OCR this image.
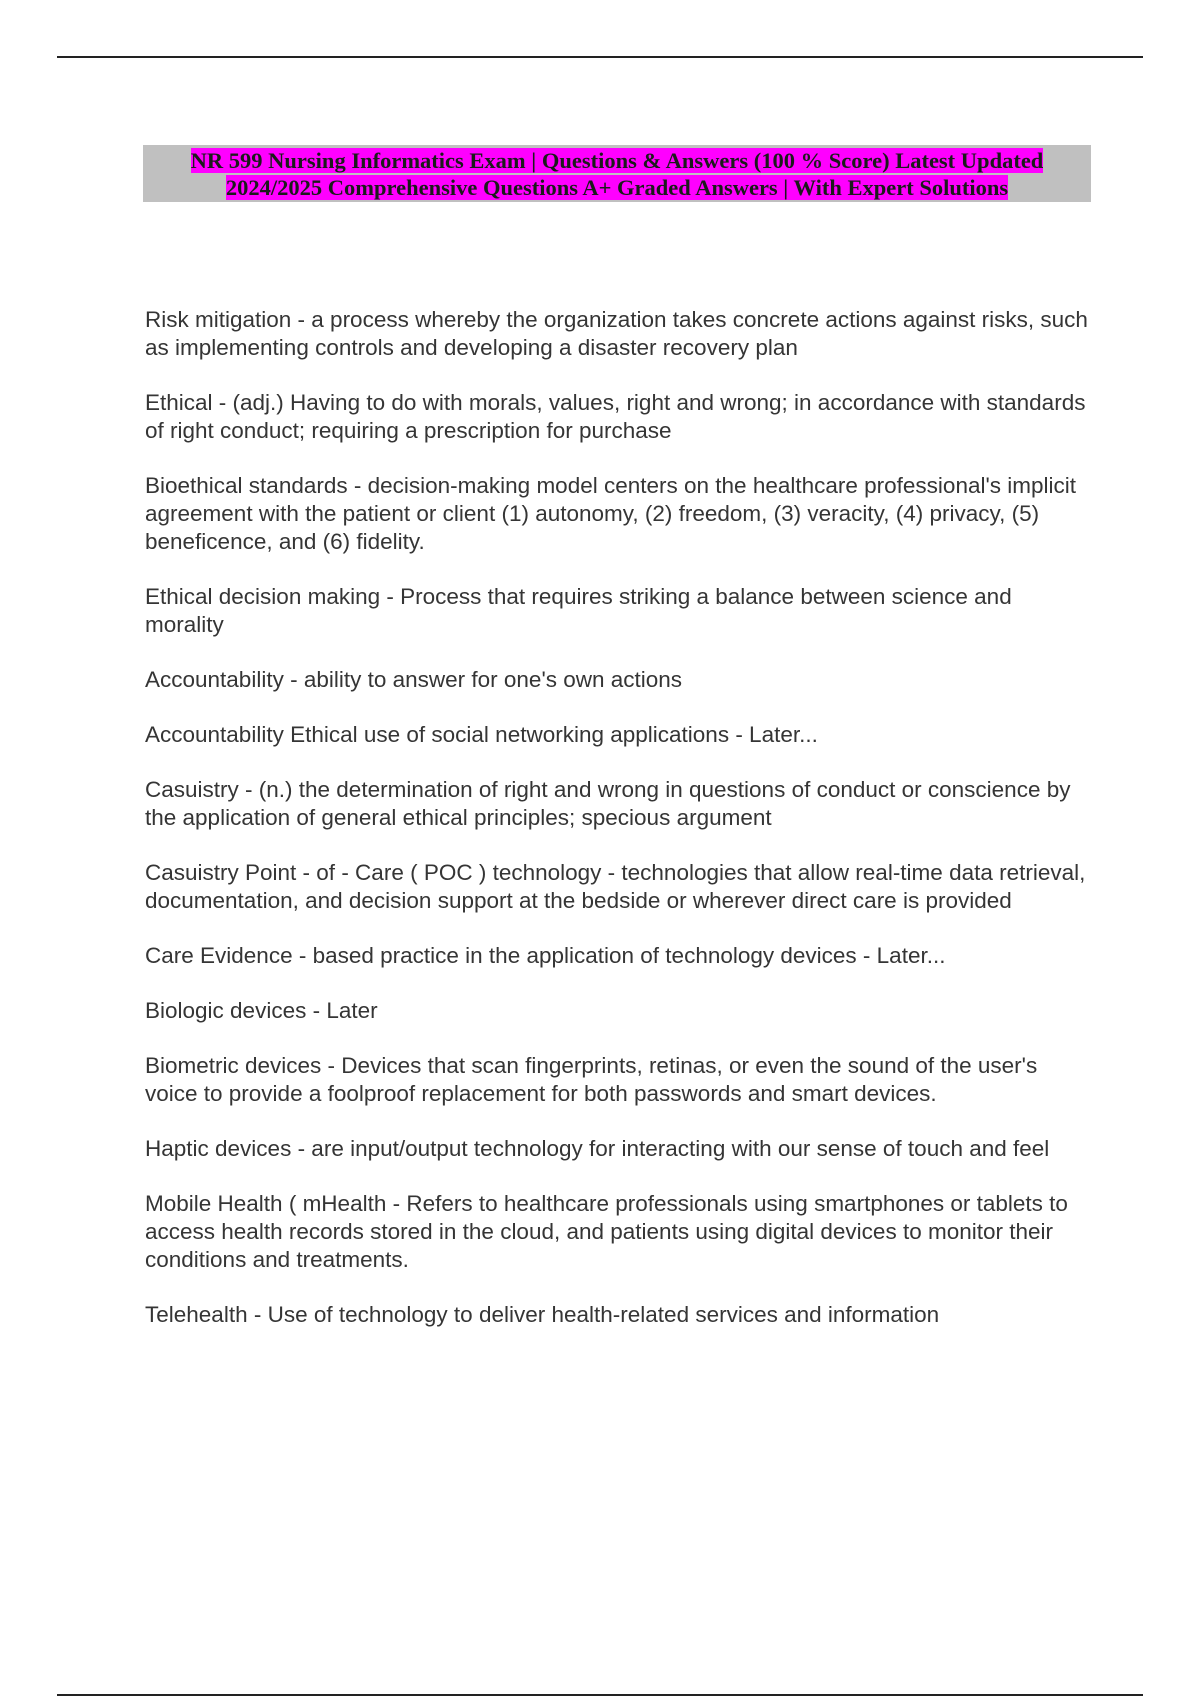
NR 599 Nursing Informatics Exam | Questions & Answers (100 % Score) Latest Updated
2024/2025 Comprehensive Questions A+ Graded Answers | With Expert Solutions

Risk mitigation - a process whereby the organization takes concrete actions against risks, such as implementing controls and developing a disaster recovery plan

Ethical - (adj.) Having to do with morals, values, right and wrong; in accordance with standards of right conduct; requiring a prescription for purchase

Bioethical standards - decision-making model centers on the healthcare professional's implicit agreement with the patient or client (1) autonomy, (2) freedom, (3) veracity, (4) privacy, (5) beneficence, and (6) fidelity.

Ethical decision making - Process that requires striking a balance between science and morality

Accountability - ability to answer for one's own actions

Accountability Ethical use of social networking applications - Later...

Casuistry - (n.) the determination of right and wrong in questions of conduct or conscience by the application of general ethical principles; specious argument

Casuistry Point - of - Care ( POC ) technology - technologies that allow real-time data retrieval, documentation, and decision support at the bedside or wherever direct care is provided

Care Evidence - based practice in the application of technology devices - Later...

Biologic devices - Later

Biometric devices - Devices that scan fingerprints, retinas, or even the sound of the user's voice to provide a foolproof replacement for both passwords and smart devices.

Haptic devices - are input/output technology for interacting with our sense of touch and feel

Mobile Health ( mHealth - Refers to healthcare professionals using smartphones or tablets to access health records stored in the cloud, and patients using digital devices to monitor their conditions and treatments.

Telehealth - Use of technology to deliver health-related services and information
